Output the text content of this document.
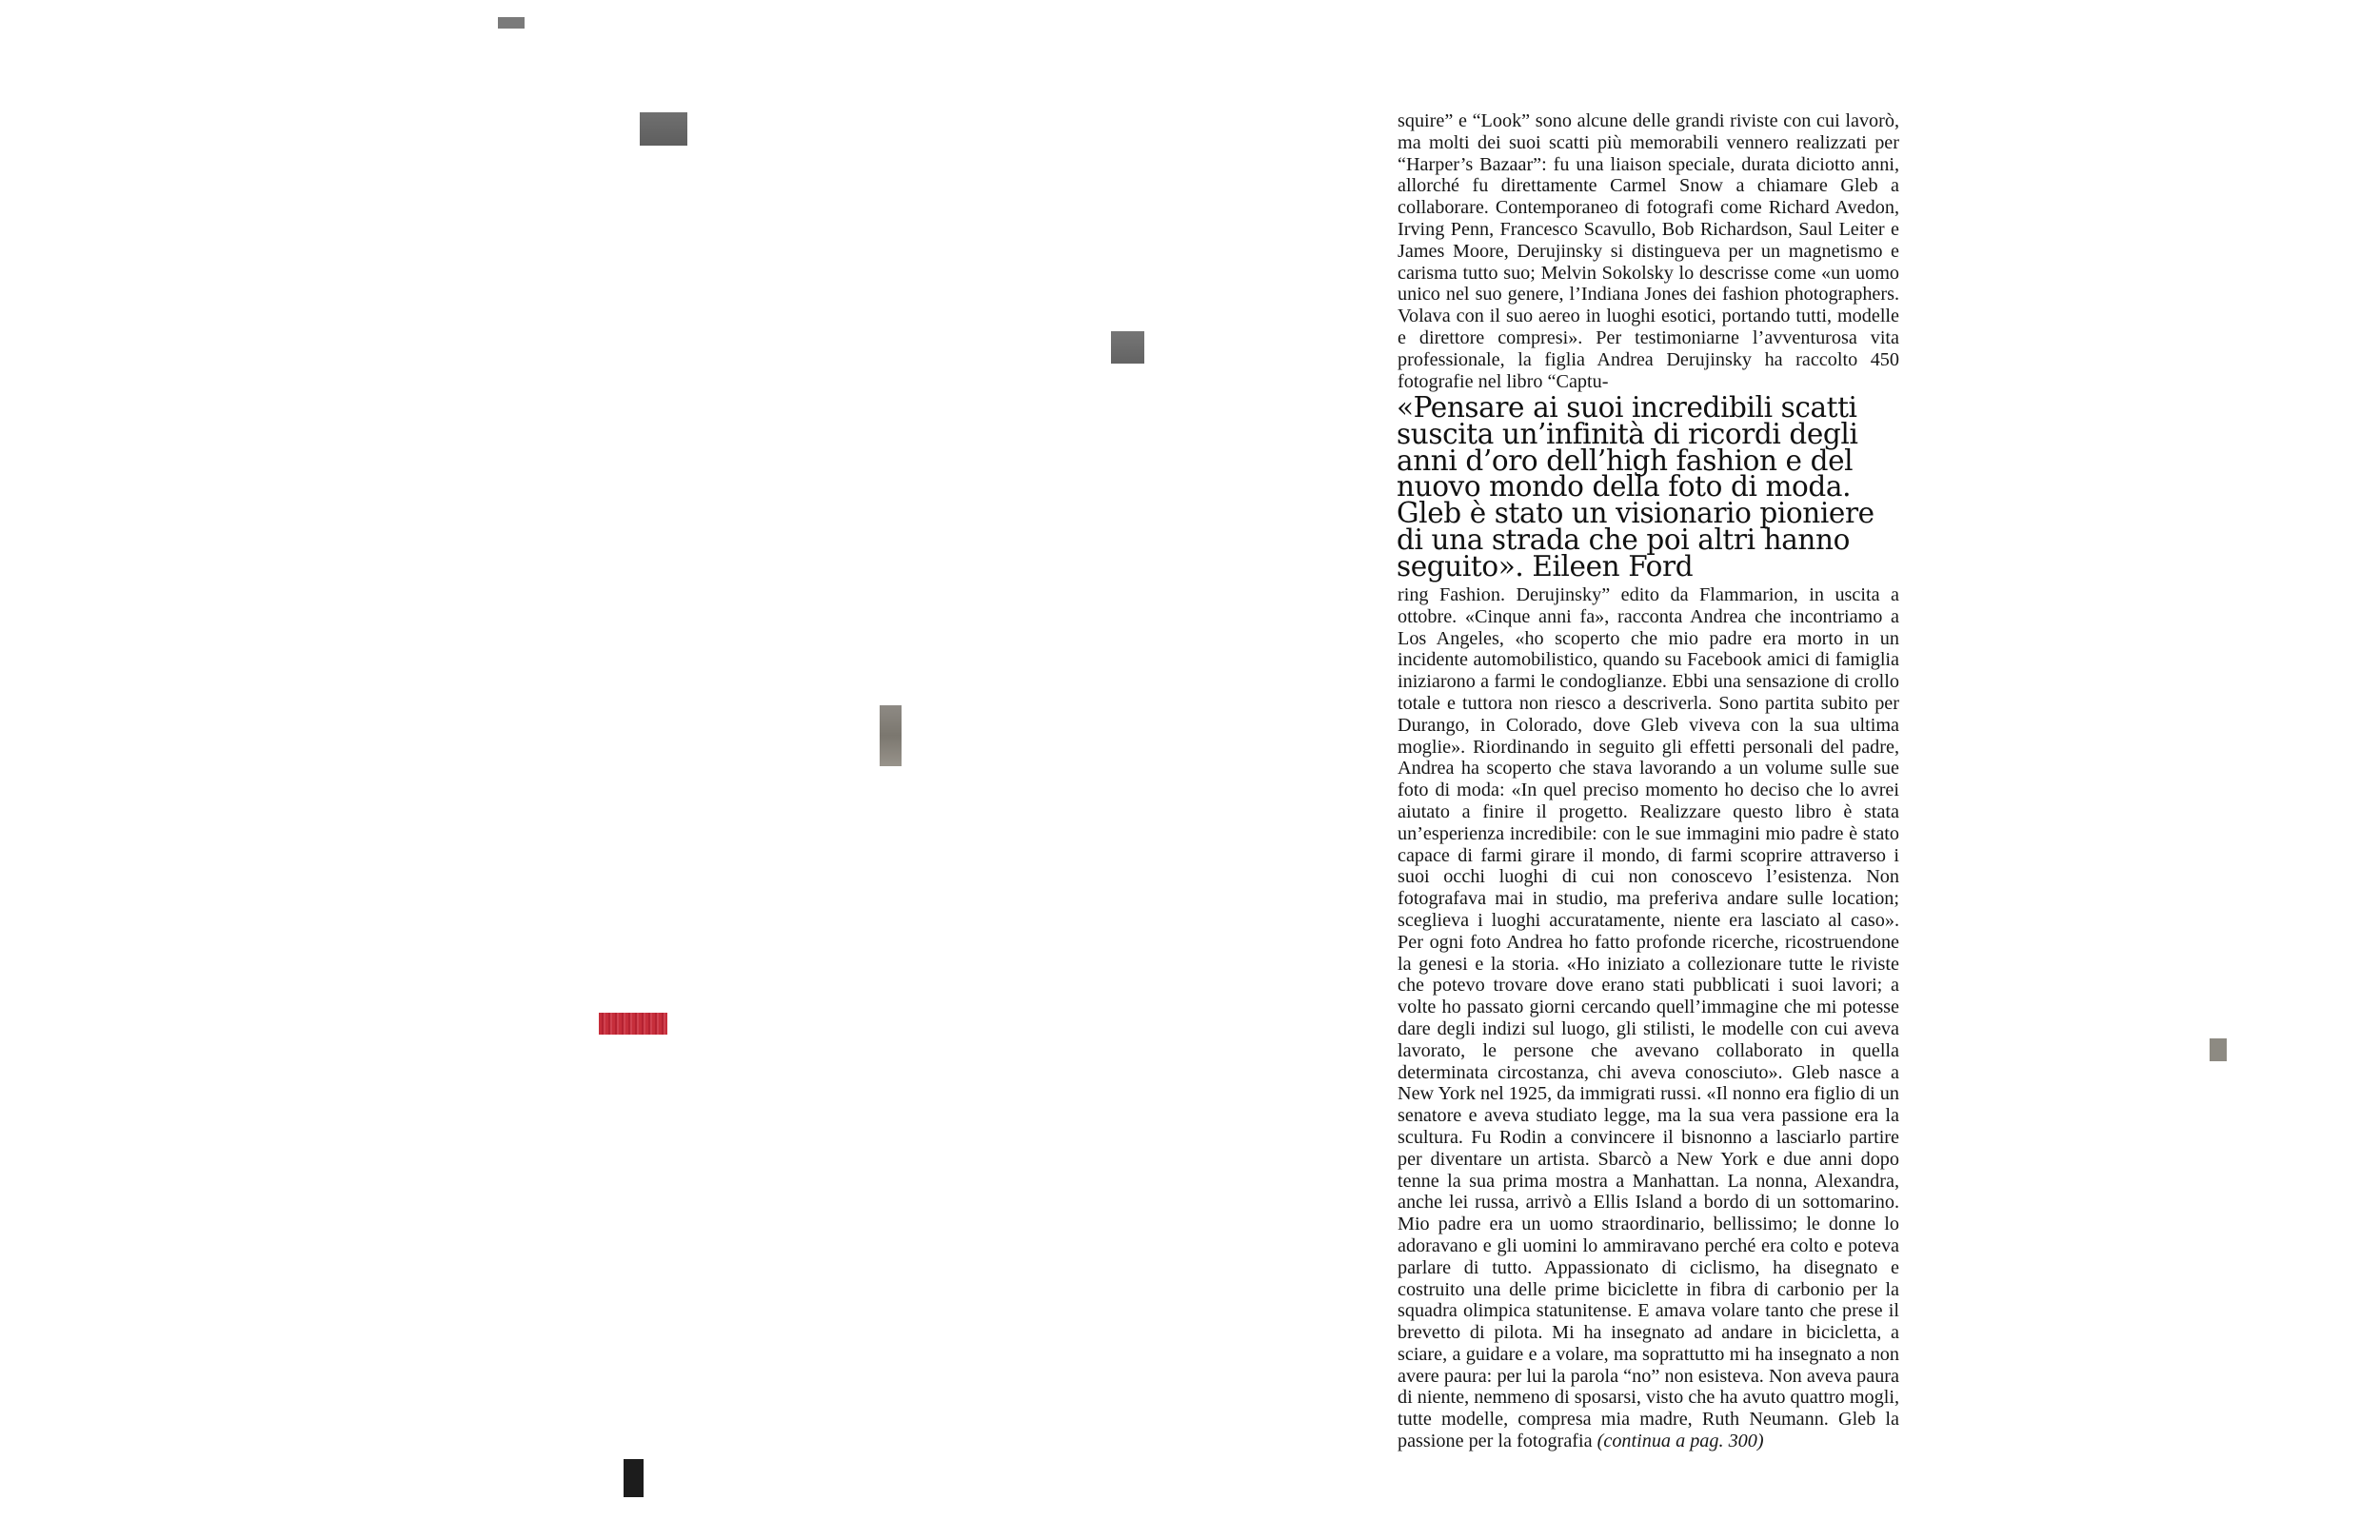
squire” e “Look” sono alcune delle grandi riviste con cui lavorò, ma molti dei suoi scatti più memorabili vennero realizzati per “Harper’s Bazaar”: fu una liaison speciale, durata diciotto anni, allorché fu direttamente Carmel Snow a chiamare Gleb a collaborare. Contemporaneo di fotografi come Richard Avedon, Irving Penn, Francesco Scavullo, Bob Richardson, Saul Leiter e James Moore, Derujinsky si distingueva per un magnetismo e carisma tutto suo; Melvin Sokolsky lo descrisse come «un uomo unico nel suo genere, l’Indiana Jones dei fashion photographers. Volava con il suo aereo in luoghi esotici, portando tutti, modelle e direttore compresi». Per testimoniarne l’avventurosa vita professionale, la figlia Andrea Derujinsky ha raccolto 450 fotografie nel libro “Captu-

«Pensare ai suoi incredibili scatti suscita un’infinità di ricordi degli anni d’oro dell’high fashion e del nuovo mondo della foto di moda. Gleb è stato un visionario pioniere di una strada che poi altri hanno seguito». Eileen Ford

ring Fashion. Derujinsky” edito da Flammarion, in uscita a ottobre. «Cinque anni fa», racconta Andrea che incontriamo a Los Angeles, «ho scoperto che mio padre era morto in un incidente automobilistico, quando su Facebook amici di famiglia iniziarono a farmi le condoglianze. Ebbi una sensazione di crollo totale e tuttora non riesco a descriverla. Sono partita subito per Durango, in Colorado, dove Gleb viveva con la sua ultima moglie». Riordinando in seguito gli effetti personali del padre, Andrea ha scoperto che stava lavorando a un volume sulle sue foto di moda: «In quel preciso momento ho deciso che lo avrei aiutato a finire il progetto. Realizzare questo libro è stata un’esperienza incredibile: con le sue immagini mio padre è stato capace di farmi girare il mondo, di farmi scoprire attraverso i suoi occhi luoghi di cui non conoscevo l’esistenza. Non fotografava mai in studio, ma preferiva andare sulle location; sceglieva i luoghi accuratamente, niente era lasciato al caso». Per ogni foto Andrea ho fatto profonde ricerche, ricostruendone la genesi e la storia. «Ho iniziato a collezionare tutte le riviste che potevo trovare dove erano stati pubblicati i suoi lavori; a volte ho passato giorni cercando quell’immagine che mi potesse dare degli indizi sul luogo, gli stilisti, le modelle con cui aveva lavorato, le persone che avevano collaborato in quella determinata circostanza, chi aveva conosciuto». Gleb nasce a New York nel 1925, da immigrati russi. «Il nonno era figlio di un senatore e aveva studiato legge, ma la sua vera passione era la scultura. Fu Rodin a convincere il bisnonno a lasciarlo partire per diventare un artista. Sbarcò a New York e due anni dopo tenne la sua prima mostra a Manhattan. La nonna, Alexandra, anche lei russa, arrivò a Ellis Island a bordo di un sottomarino. Mio padre era un uomo straordinario, bellissimo; le donne lo adoravano e gli uomini lo ammiravano perché era colto e poteva parlare di tutto. Appassionato di ciclismo, ha disegnato e costruito una delle prime biciclette in fibra di carbonio per la squadra olimpica statunitense. E amava volare tanto che prese il brevetto di pilota. Mi ha insegnato ad andare in bicicletta, a sciare, a guidare e a volare, ma soprattutto mi ha insegnato a non avere paura: per lui la parola “no” non esisteva. Non aveva paura di niente, nemmeno di sposarsi, visto che ha avuto quattro mogli, tutte modelle, compresa mia madre, Ruth Neumann. Gleb la passione per la fotografia (continua a pag. 300)
